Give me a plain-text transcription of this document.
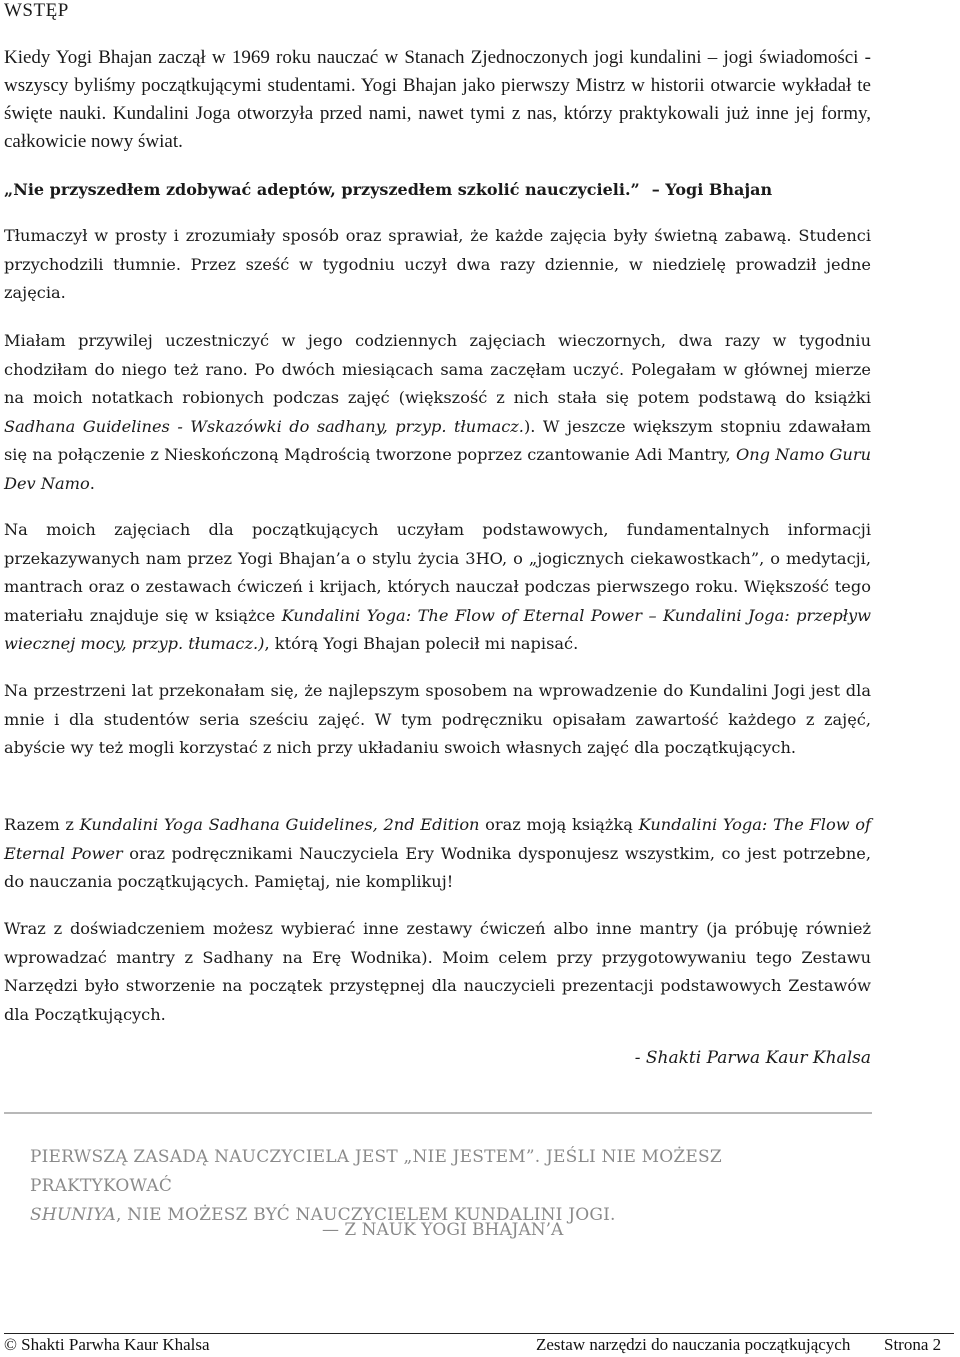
WSTĘP

Kiedy Yogi Bhajan zaczął w 1969 roku nauczać w Stanach Zjednoczonych jogi kundalini – jogi świadomości - wszyscy byliśmy początkującymi studentami. Yogi Bhajan jako pierwszy Mistrz w historii otwarcie wykładał te święte nauki. Kundalini Joga otworzyła przed nami, nawet tymi z nas, którzy praktykowali już inne jej formy, całkowicie nowy świat.

„Nie przyszedłem zdobywać adeptów, przyszedłem szkolić nauczycieli.” – Yogi Bhajan

Tłumaczył w prosty i zrozumiały sposób oraz sprawiał, że każde zajęcia były świetną zabawą. Studenci przychodzili tłumnie. Przez sześć w tygodniu uczył dwa razy dziennie, w niedzielę prowadził jedne zajęcia.

Miałam przywilej uczestniczyć w jego codziennych zajęciach wieczornych, dwa razy w tygodniu chodziłam do niego też rano. Po dwóch miesiącach sama zaczęłam uczyć. Polegałam w głównej mierze na moich notatkach robionych podczas zajęć (większość z nich stała się potem podstawą do książki Sadhana Guidelines - Wskazówki do sadhany, przyp. tłumacz.). W jeszcze większym stopniu zdawałam się na połączenie z Nieskończoną Mądrością tworzone poprzez czantowanie Adi Mantry, Ong Namo Guru Dev Namo.

Na moich zajęciach dla początkujących uczyłam podstawowych, fundamentalnych informacji przekazywanych nam przez Yogi Bhajan’a o stylu życia 3HO, o „jogicznych ciekawostkach”, o medytacji, mantrach oraz o zestawach ćwiczeń i krijach, których nauczał podczas pierwszego roku. Większość tego materiału znajduje się w książce Kundalini Yoga: The Flow of Eternal Power – Kundalini Joga: przepływ wiecznej mocy, przyp. tłumacz.), którą Yogi Bhajan polecił mi napisać.

Na przestrzeni lat przekonałam się, że najlepszym sposobem na wprowadzenie do Kundalini Jogi jest dla mnie i dla studentów seria sześciu zajęć. W tym podręczniku opisałam zawartość każdego z zajęć, abyście wy też mogli korzystać z nich przy układaniu swoich własnych zajęć dla początkujących.

Razem z Kundalini Yoga Sadhana Guidelines, 2nd Edition oraz moją książką Kundalini Yoga: The Flow of Eternal Power oraz podręcznikami Nauczyciela Ery Wodnika dysponujesz wszystkim, co jest potrzebne, do nauczania początkujących. Pamiętaj, nie komplikuj!

Wraz z doświadczeniem możesz wybierać inne zestawy ćwiczeń albo inne mantry (ja próbuję również wprowadzać mantry z Sadhany na Erę Wodnika). Moim celem przy przygotowywaniu tego Zestawu Narzędzi było stworzenie na początek przystępnej dla nauczycieli prezentacji podstawowych Zestawów dla Początkujących.

- Shakti Parwa Kaur Khalsa
PIERWSZĄ ZASADĄ NAUCZYCIELA JEST „NIE JESTEM”. JEŚLI NIE MOŻESZ PRAKTYKOWAĆ
SHUNIYA, NIE MOŻESZ BYĆ NAUCZYCIELEM KUNDALINI JOGI.
— Z NAUK YOGI BHAJAN’A
© Shakti Parwha Kaur Khalsa	Zestaw narzędzi do nauczania początkujących Strona 2
